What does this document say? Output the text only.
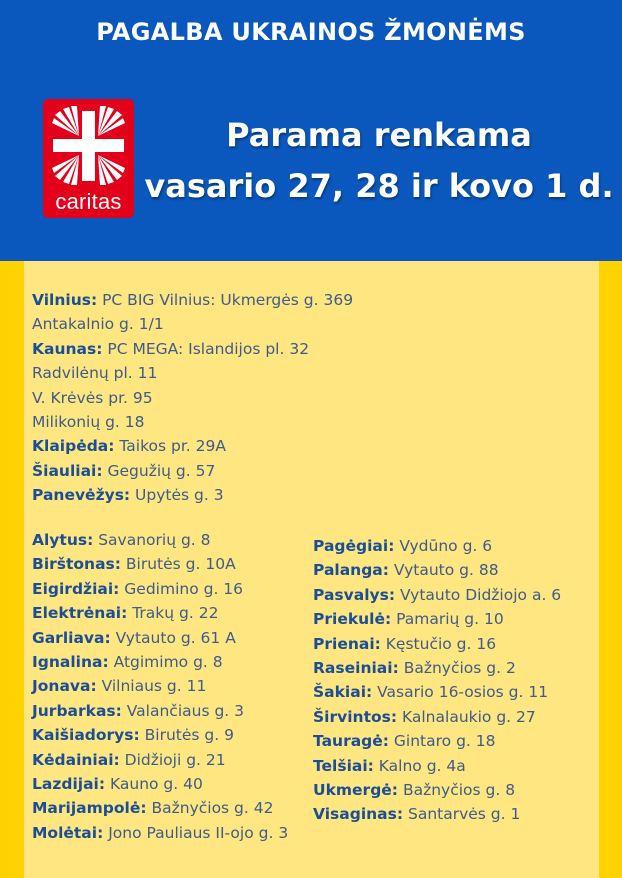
PAGALBA UKRAINOS ŽMONĖMS
caritas
Parama renkama
vasario 27, 28 ir kovo 1 d.
Vilnius: PC BIG Vilnius: Ukmergės g. 369
Antakalnio g. 1/1
Kaunas: PC MEGA: Islandijos pl. 32
Radvilėnų pl. 11
V. Krėvės pr. 95
Milikonių g. 18
Klaipėda: Taikos pr. 29A
Šiauliai: Gegužių g. 57
Panevėžys: Upytės g. 3
Alytus: Savanorių g. 8
Birštonas: Birutės g. 10A
Eigirdžiai: Gedimino g. 16
Elektrėnai: Trakų g. 22
Garliava: Vytauto g. 61 A
Ignalina: Atgimimo g. 8
Jonava: Vilniaus g. 11
Jurbarkas: Valančiaus g. 3
Kaišiadorys: Birutės g. 9
Kėdainiai: Didžioji g. 21
Lazdijai: Kauno g. 40
Marijampolė: Bažnyčios g. 42
Molėtai: Jono Pauliaus II-ojo g. 3
Pagėgiai: Vydūno g. 6
Palanga: Vytauto g. 88
Pasvalys: Vytauto Didžiojo a. 6
Priekulė: Pamarių g. 10
Prienai: Kęstučio g. 16
Raseiniai: Bažnyčios g. 2
Šakiai: Vasario 16-osios g. 11
Širvintos: Kalnalaukio g. 27
Tauragė: Gintaro g. 18
Telšiai: Kalno g. 4a
Ukmergė: Bažnyčios g. 8
Visaginas: Santarvės g. 1
